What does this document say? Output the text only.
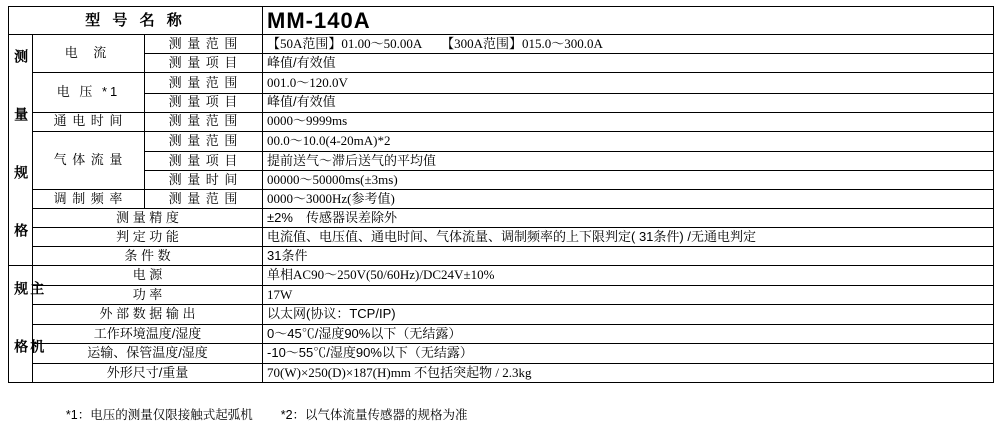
型 号 名 称			MM-140A

测 量 规 格	电 流	测 量 范 围	【50A范围】01.00〜50.00A　　【300A范围】015.0〜300.0A
		测 量 项 目	峰值/有效值
	电 压 *1	测 量 范 围	001.0〜120.0V
		测 量 项 目	峰值/有效值
	通 电 时 间	测 量 范 围	0000〜9999ms
	气 体 流 量	测 量 范 围	00.0〜10.0(4-20mA)*2
		测 量 项 目	提前送气〜滞后送气的平均值
		测 量 时 间	00000〜50000ms(±3ms)
	调 制 频 率	测 量 范 围	0000〜3000Hz(参考值)
	测 量 精 度		±2%　传感器误差除外
	判 定 功 能		电流值、电压值、通电时间、气体流量、调制频率的上下限判定( 31条件) /无通电判定
	条 件 数		31条件

主 机 规 格	电 源		单相AC90〜250V(50/60Hz)/DC24V±10%
	功 率		17W
	外 部 数 据 输 出		以太网(协议：TCP/IP)
	工作环境温度/湿度		0〜45℃/湿度90%以下（无结露）
	运输、保管温度/湿度		-10〜55℃/湿度90%以下（无结露）
	外形尺寸/重量		70(W)×250(D)×187(H)mm 不包括突起物 / 2.3kg

*1：电压的测量仅限接触式起弧机 *2：以气体流量传感器的规格为准
